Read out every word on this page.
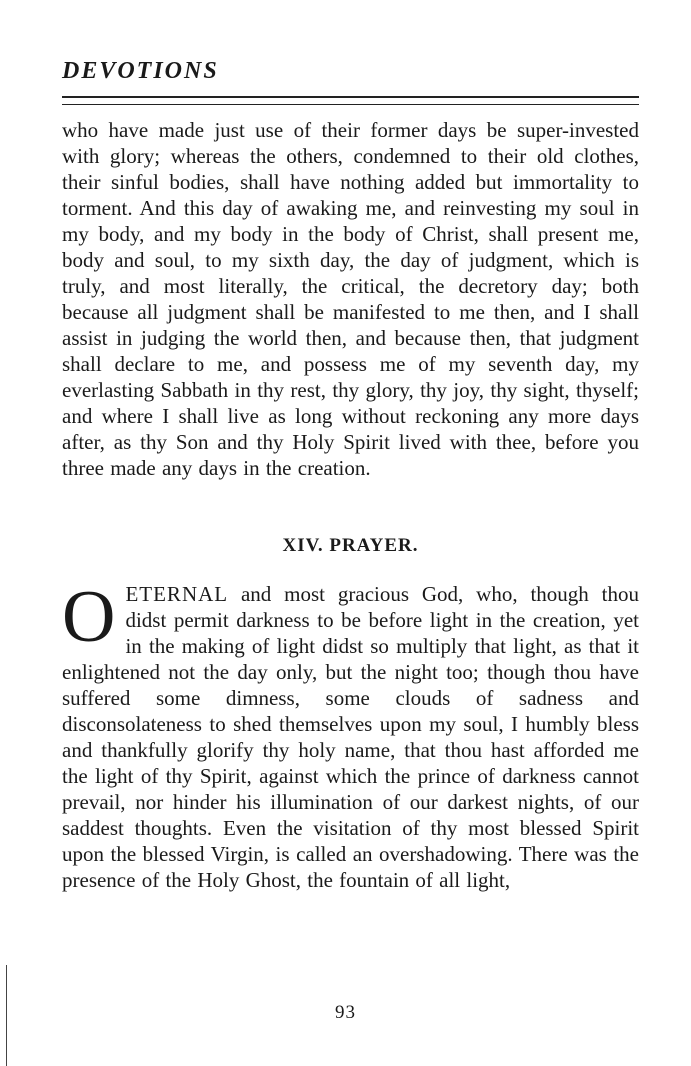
DEVOTIONS

who have made just use of their former days be super-invested with glory; whereas the others, condemned to their old clothes, their sinful bodies, shall have nothing added but immortality to torment. And this day of awaking me, and reinvesting my soul in my body, and my body in the body of Christ, shall present me, body and soul, to my sixth day, the day of judgment, which is truly, and most literally, the critical, the decretory day; both because all judgment shall be manifested to me then, and I shall assist in judging the world then, and because then, that judgment shall declare to me, and possess me of my seventh day, my everlasting Sabbath in thy rest, thy glory, thy joy, thy sight, thyself; and where I shall live as long without reckoning any more days after, as thy Son and thy Holy Spirit lived with thee, before you three made any days in the creation.

XIV. PRAYER.

O ETERNAL and most gracious God, who, though thou didst permit darkness to be before light in the creation, yet in the making of light didst so multiply that light, as that it enlightened not the day only, but the night too; though thou have suffered some dimness, some clouds of sadness and disconsolateness to shed themselves upon my soul, I humbly bless and thankfully glorify thy holy name, that thou hast afforded me the light of thy Spirit, against which the prince of darkness cannot prevail, nor hinder his illumination of our darkest nights, of our saddest thoughts. Even the visitation of thy most blessed Spirit upon the blessed Virgin, is called an overshadowing. There was the presence of the Holy Ghost, the fountain of all light,

93
